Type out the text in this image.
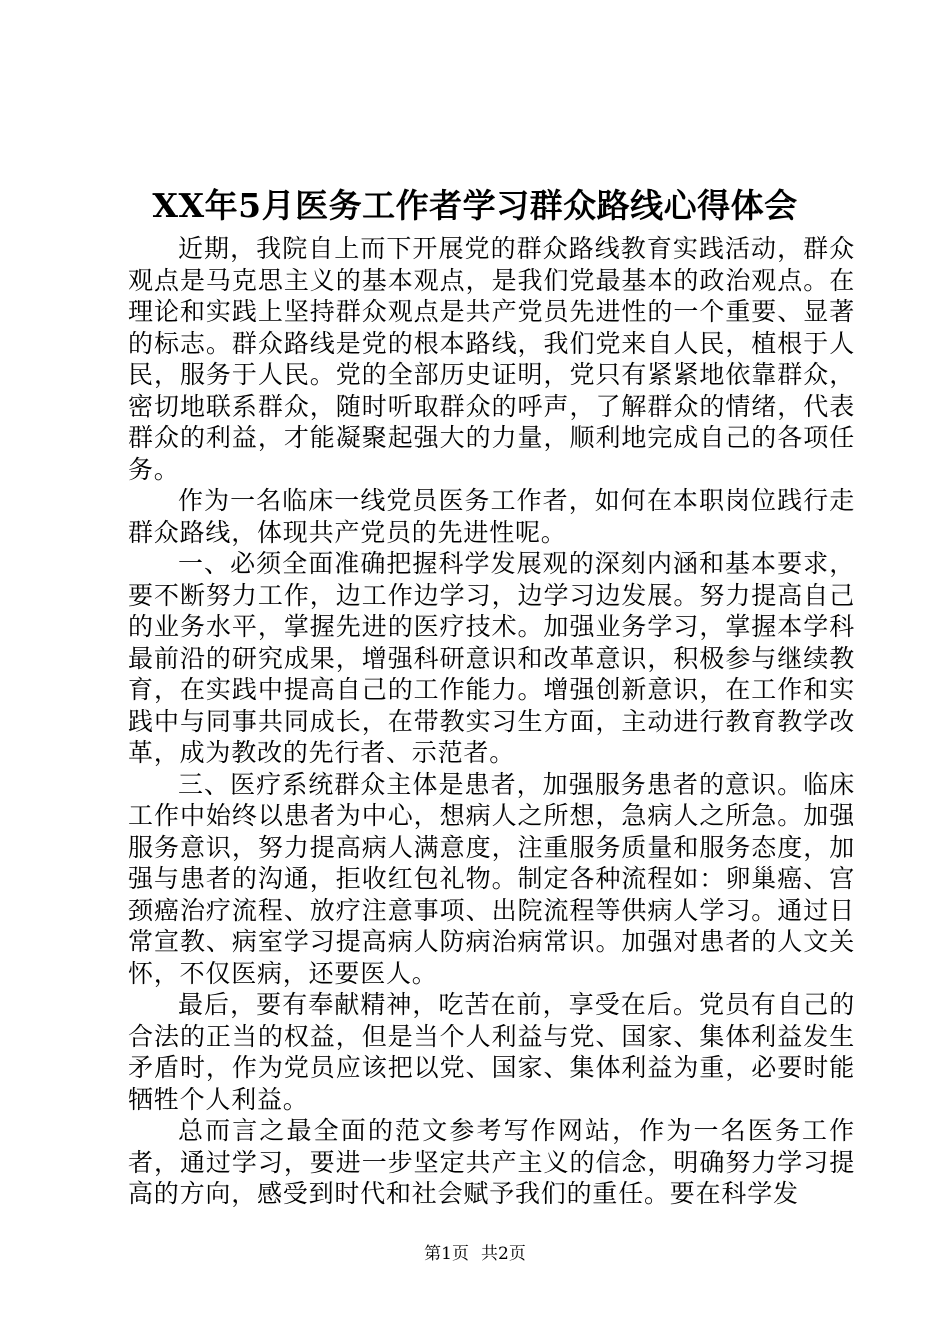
XX年5月医务工作者学习群众路线心得体会

近期，我院自上而下开展党的群众路线教育实践活动，群众观点是马克思主义的基本观点，是我们党最基本的政治观点。在理论和实践上坚持群众观点是共产党员先进性的一个重要、显著的标志。群众路线是党的根本路线，我们党来自人民，植根于人民，服务于人民。党的全部历史证明，党只有紧紧地依靠群众，密切地联系群众，随时听取群众的呼声，了解群众的情绪，代表群众的利益，才能凝聚起强大的力量，顺利地完成自己的各项任务。

作为一名临床一线党员医务工作者，如何在本职岗位践行走群众路线，体现共产党员的先进性呢。

一、必须全面准确把握科学发展观的深刻内涵和基本要求，要不断努力工作，边工作边学习，边学习边发展。努力提高自己的业务水平，掌握先进的医疗技术。加强业务学习，掌握本学科最前沿的研究成果，增强科研意识和改革意识，积极参与继续教育，在实践中提高自己的工作能力。增强创新意识，在工作和实践中与同事共同成长，在带教实习生方面，主动进行教育教学改革，成为教改的先行者、示范者。

三、医疗系统群众主体是患者，加强服务患者的意识。临床工作中始终以患者为中心，想病人之所想，急病人之所急。加强服务意识，努力提高病人满意度，注重服务质量和服务态度，加强与患者的沟通，拒收红包礼物。制定各种流程如：卵巢癌、宫颈癌治疗流程、放疗注意事项、出院流程等供病人学习。通过日常宣教、病室学习提高病人防病治病常识。加强对患者的人文关怀，不仅医病，还要医人。

最后，要有奉献精神，吃苦在前，享受在后。党员有自己的合法的正当的权益，但是当个人利益与党、国家、集体利益发生矛盾时，作为党员应该把以党、国家、集体利益为重，必要时能牺牲个人利益。

总而言之最全面的范文参考写作网站，作为一名医务工作者，通过学习，要进一步坚定共产主义的信念，明确努力学习提高的方向，感受到时代和社会赋予我们的重任。要在科学发

第1页 共2页
